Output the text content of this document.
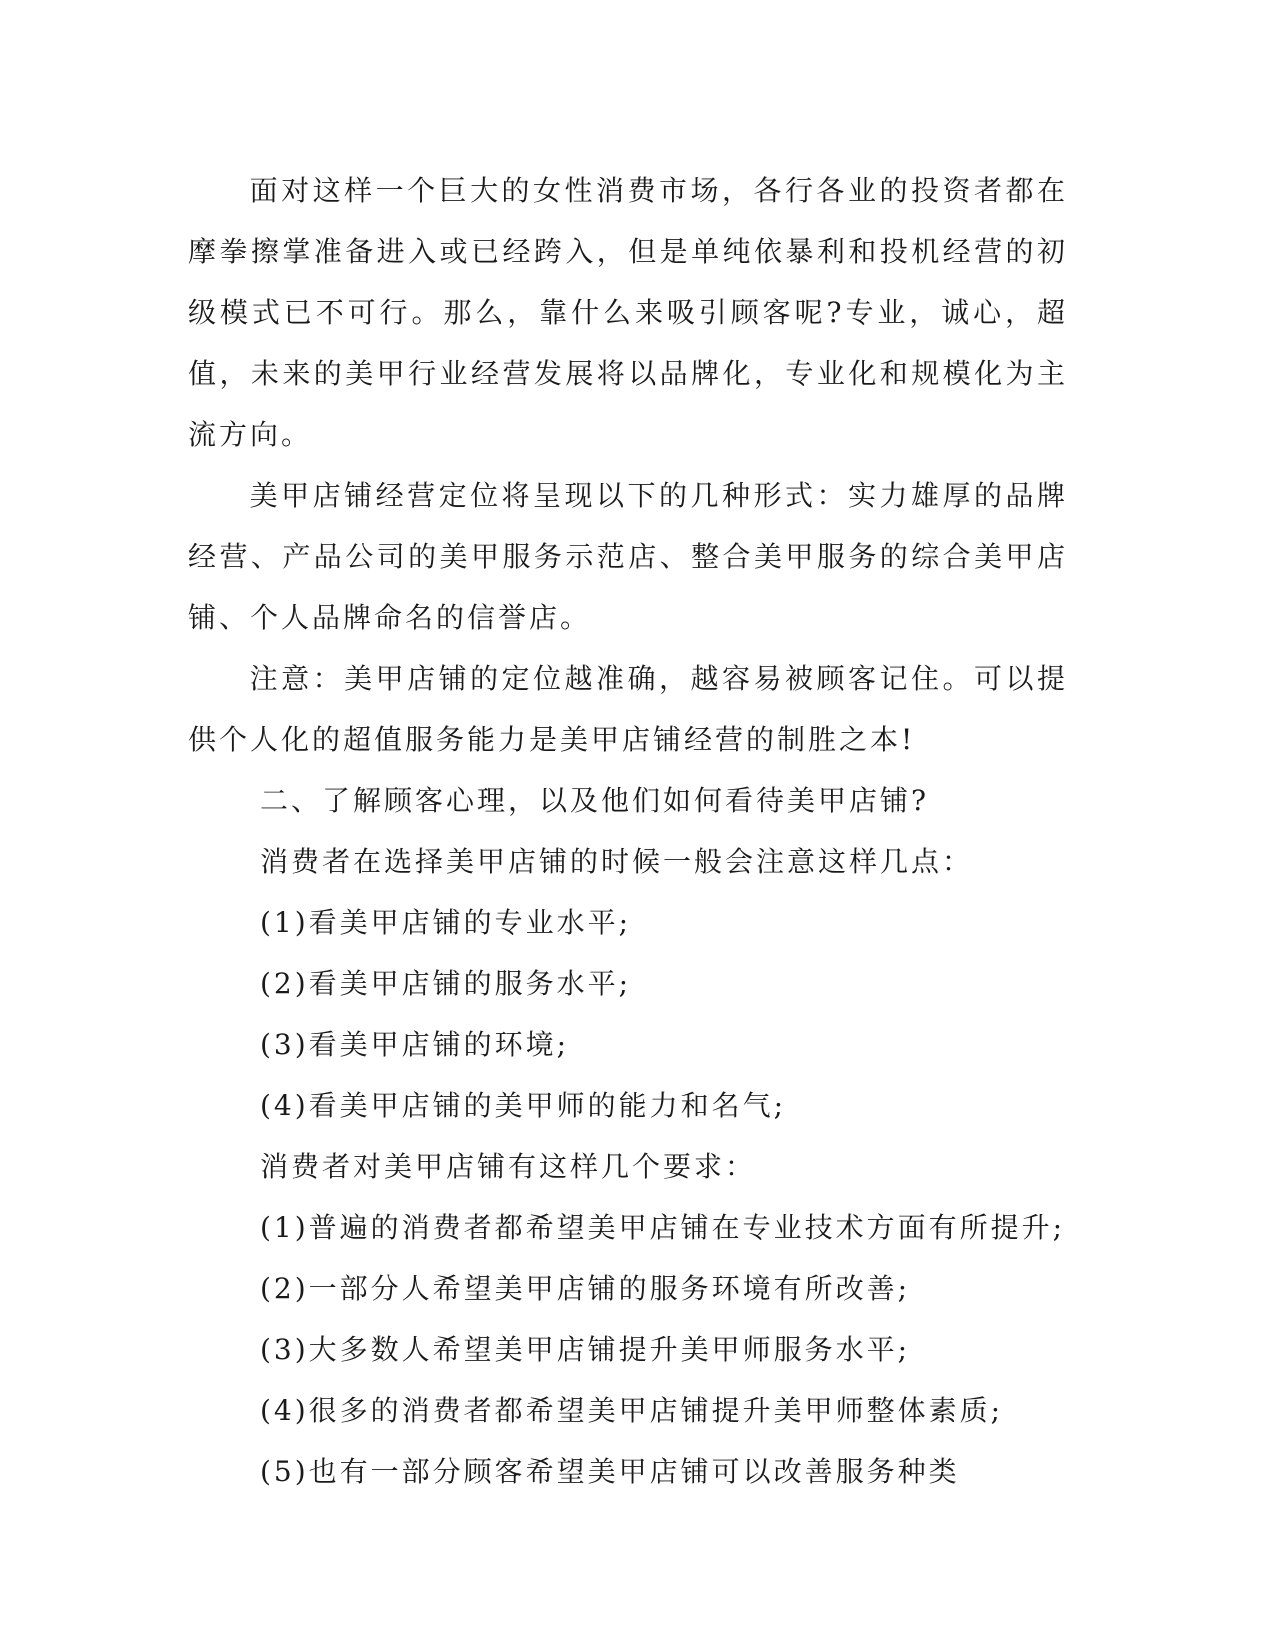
面对这样一个巨大的女性消费市场，各行各业的投资者都在摩拳擦掌准备进入或已经跨入，但是单纯依暴利和投机经营的初级模式已不可行。那么，靠什么来吸引顾客呢?专业，诚心，超值，未来的美甲行业经营发展将以品牌化，专业化和规模化为主流方向。

美甲店铺经营定位将呈现以下的几种形式：实力雄厚的品牌经营、产品公司的美甲服务示范店、整合美甲服务的综合美甲店铺、个人品牌命名的信誉店。

注意：美甲店铺的定位越准确，越容易被顾客记住。可以提供个人化的超值服务能力是美甲店铺经营的制胜之本!

二、了解顾客心理，以及他们如何看待美甲店铺?

消费者在选择美甲店铺的时候一般会注意这样几点：

(1)看美甲店铺的专业水平;

(2)看美甲店铺的服务水平;

(3)看美甲店铺的环境;

(4)看美甲店铺的美甲师的能力和名气;

消费者对美甲店铺有这样几个要求：

(1)普遍的消费者都希望美甲店铺在专业技术方面有所提升;

(2)一部分人希望美甲店铺的服务环境有所改善;

(3)大多数人希望美甲店铺提升美甲师服务水平;

(4)很多的消费者都希望美甲店铺提升美甲师整体素质;

(5)也有一部分顾客希望美甲店铺可以改善服务种类
